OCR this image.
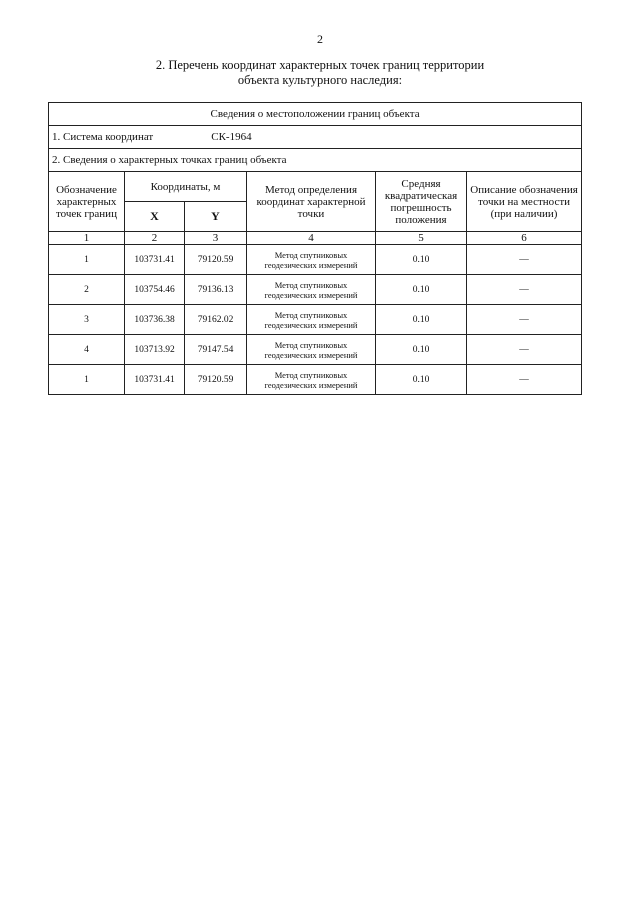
2
2. Перечень координат характерных точек границ территории
объекта культурного наследия:
Сведения о местоположении границ объекта					
1. Система координат СК-1964					
2. Сведения о характерных точках границ объекта					
Обозначение характерных точек границ	Координаты, м		Метод определения координат характерной точки	Средняя квадратическая погрешность положения	Описание обозначения точки на местности (при наличии)
	X	Y			
1	2	3	4	5	6
1	103731.41	79120.59	Метод спутниковых геодезических измерений	0.10	—
2	103754.46	79136.13	Метод спутниковых геодезических измерений	0.10	—
3	103736.38	79162.02	Метод спутниковых геодезических измерений	0.10	—
4	103713.92	79147.54	Метод спутниковых геодезических измерений	0.10	—
1	103731.41	79120.59	Метод спутниковых геодезических измерений	0.10	—
